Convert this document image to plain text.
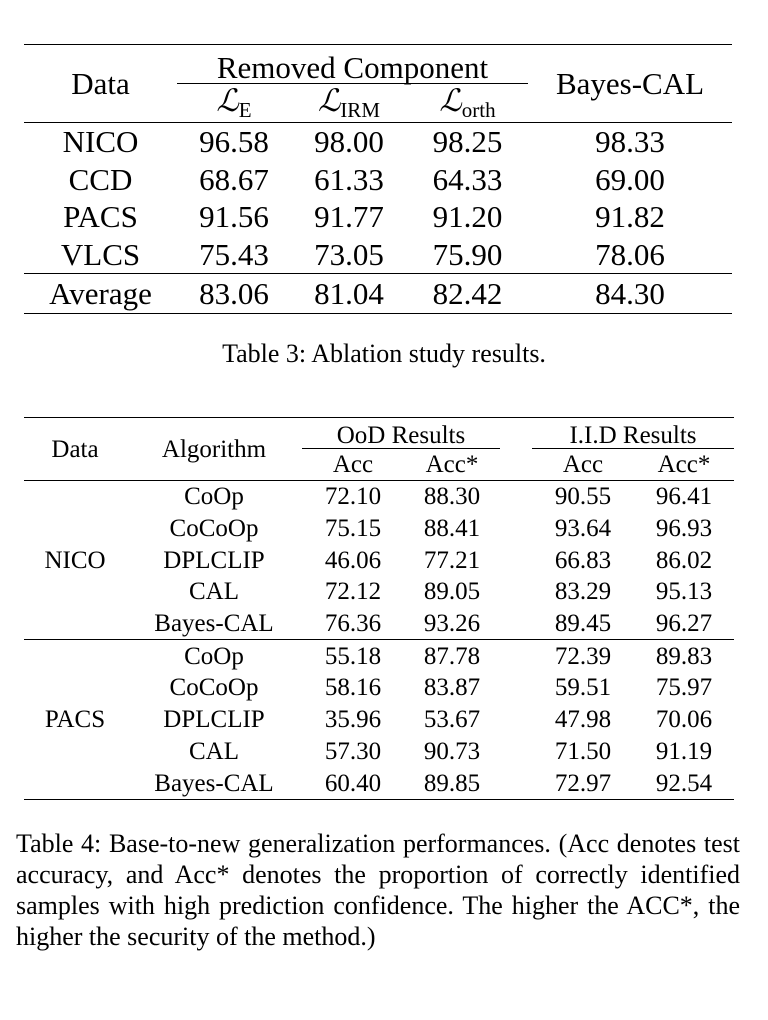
Data	Removed Component			Bayes-CAL
	ℒ$_E$	ℒ$_{IRM}$	ℒ$_{orth}$
NICO	96.58	98.00	98.25	98.33
CCD	68.67	61.33	64.33	69.00
PACS	91.56	91.77	91.20	91.82
VLCS	75.43	73.05	75.90	78.06
Average	83.06	81.04	82.42	84.30
Table 3: Ablation study results.
Data	Algorithm	OoD Results			I.I.D Results	
		Acc	Acc*		Acc	Acc*
NICO	CoOp	72.10	88.30		90.55	96.41
	CoCoOp	75.15	88.41		93.64	96.93
	DPLCLIP	46.06	77.21		66.83	86.02
	CAL	72.12	89.05		83.29	95.13
	Bayes-CAL	76.36	93.26		89.45	96.27
PACS	CoOp	55.18	87.78		72.39	89.83
	CoCoOp	58.16	83.87		59.51	75.97
	DPLCLIP	35.96	53.67		47.98	70.06
	CAL	57.30	90.73		71.50	91.19
	Bayes-CAL	60.40	89.85		72.97	92.54
Table 4: Base-to-new generalization performances. (Acc denotes test accuracy, and Acc* denotes the proportion of correctly identified samples with high prediction confidence. The higher the ACC*, the higher the security of the method.)
